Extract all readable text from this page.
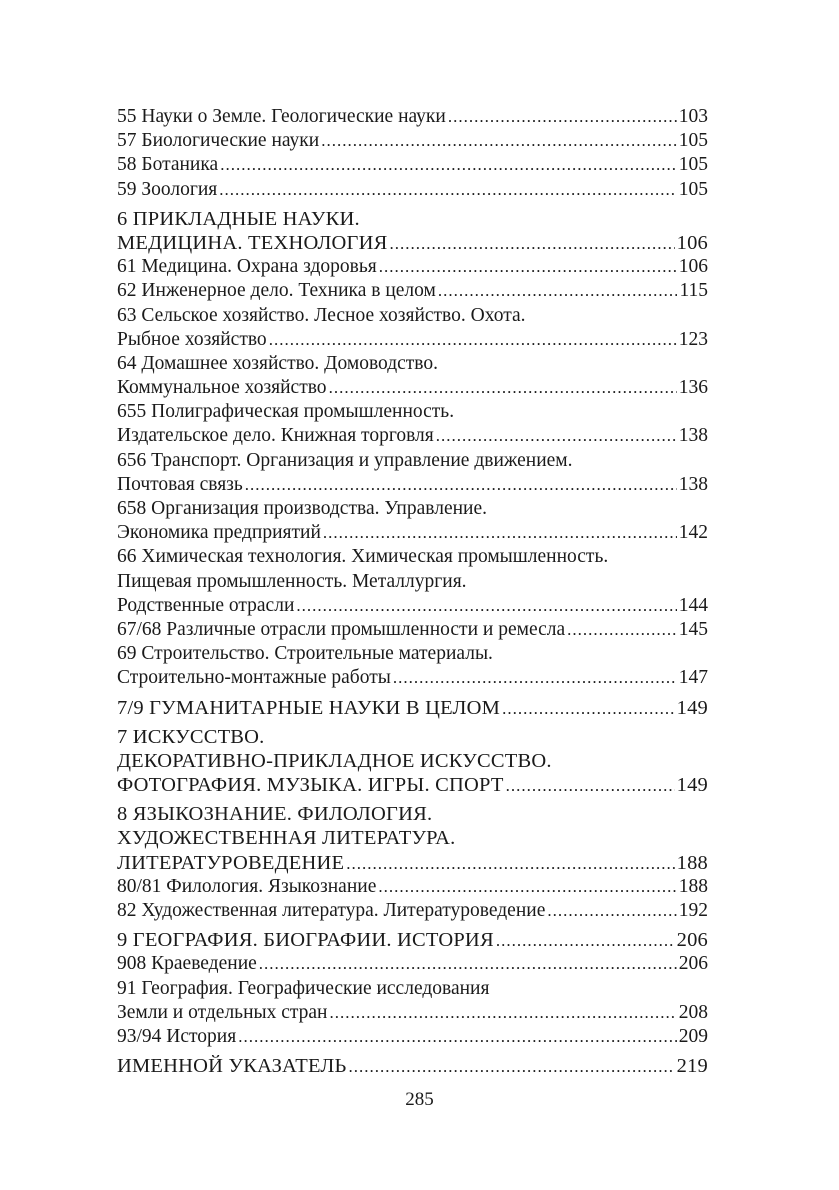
55 Науки о Земле. Геологические науки .....	103
57 Биологические науки .....	105
58 Ботаника .....	105
59 Зоология .....	105
6 ПРИКЛАДНЫЕ НАУКИ.
МЕДИЦИНА. ТЕХНОЛОГИЯ .....	106
61 Медицина. Охрана здоровья .....	106
62 Инженерное дело. Техника в целом .....	115
63 Сельское хозяйство. Лесное хозяйство. Охота.
Рыбное хозяйство .....	123
64 Домашнее хозяйство. Домоводство.
Коммунальное хозяйство .....	136
655 Полиграфическая промышленность.
Издательское дело. Книжная торговля .....	138
656 Транспорт. Организация и управление движением.
Почтовая связь .....	138
658 Организация производства. Управление.
Экономика предприятий .....	142
66 Химическая технология. Химическая промышленность.
Пищевая промышленность. Металлургия.
Родственные отрасли .....	144
67/68 Различные отрасли промышленности и ремесла .....	145
69 Строительство. Строительные материалы.
Строительно-монтажные работы .....	147
7/9 ГУМАНИТАРНЫЕ НАУКИ В ЦЕЛОМ .....	149
7 ИСКУССТВО.
ДЕКОРАТИВНО-ПРИКЛАДНОЕ ИСКУССТВО.
ФОТОГРАФИЯ. МУЗЫКА. ИГРЫ. СПОРТ .....	149
8 ЯЗЫКОЗНАНИЕ. ФИЛОЛОГИЯ.
ХУДОЖЕСТВЕННАЯ ЛИТЕРАТУРА.
ЛИТЕРАТУРОВЕДЕНИЕ .....	188
80/81 Филология. Языкознание .....	188
82 Художественная литература. Литературоведение .....	192
9 ГЕОГРАФИЯ. БИОГРАФИИ. ИСТОРИЯ .....	206
908 Краеведение .....	206
91 География. Географические исследования
Земли и отдельных стран .....	208
93/94 История .....	209
ИМЕННОЙ УКАЗАТЕЛЬ .....	219
285
